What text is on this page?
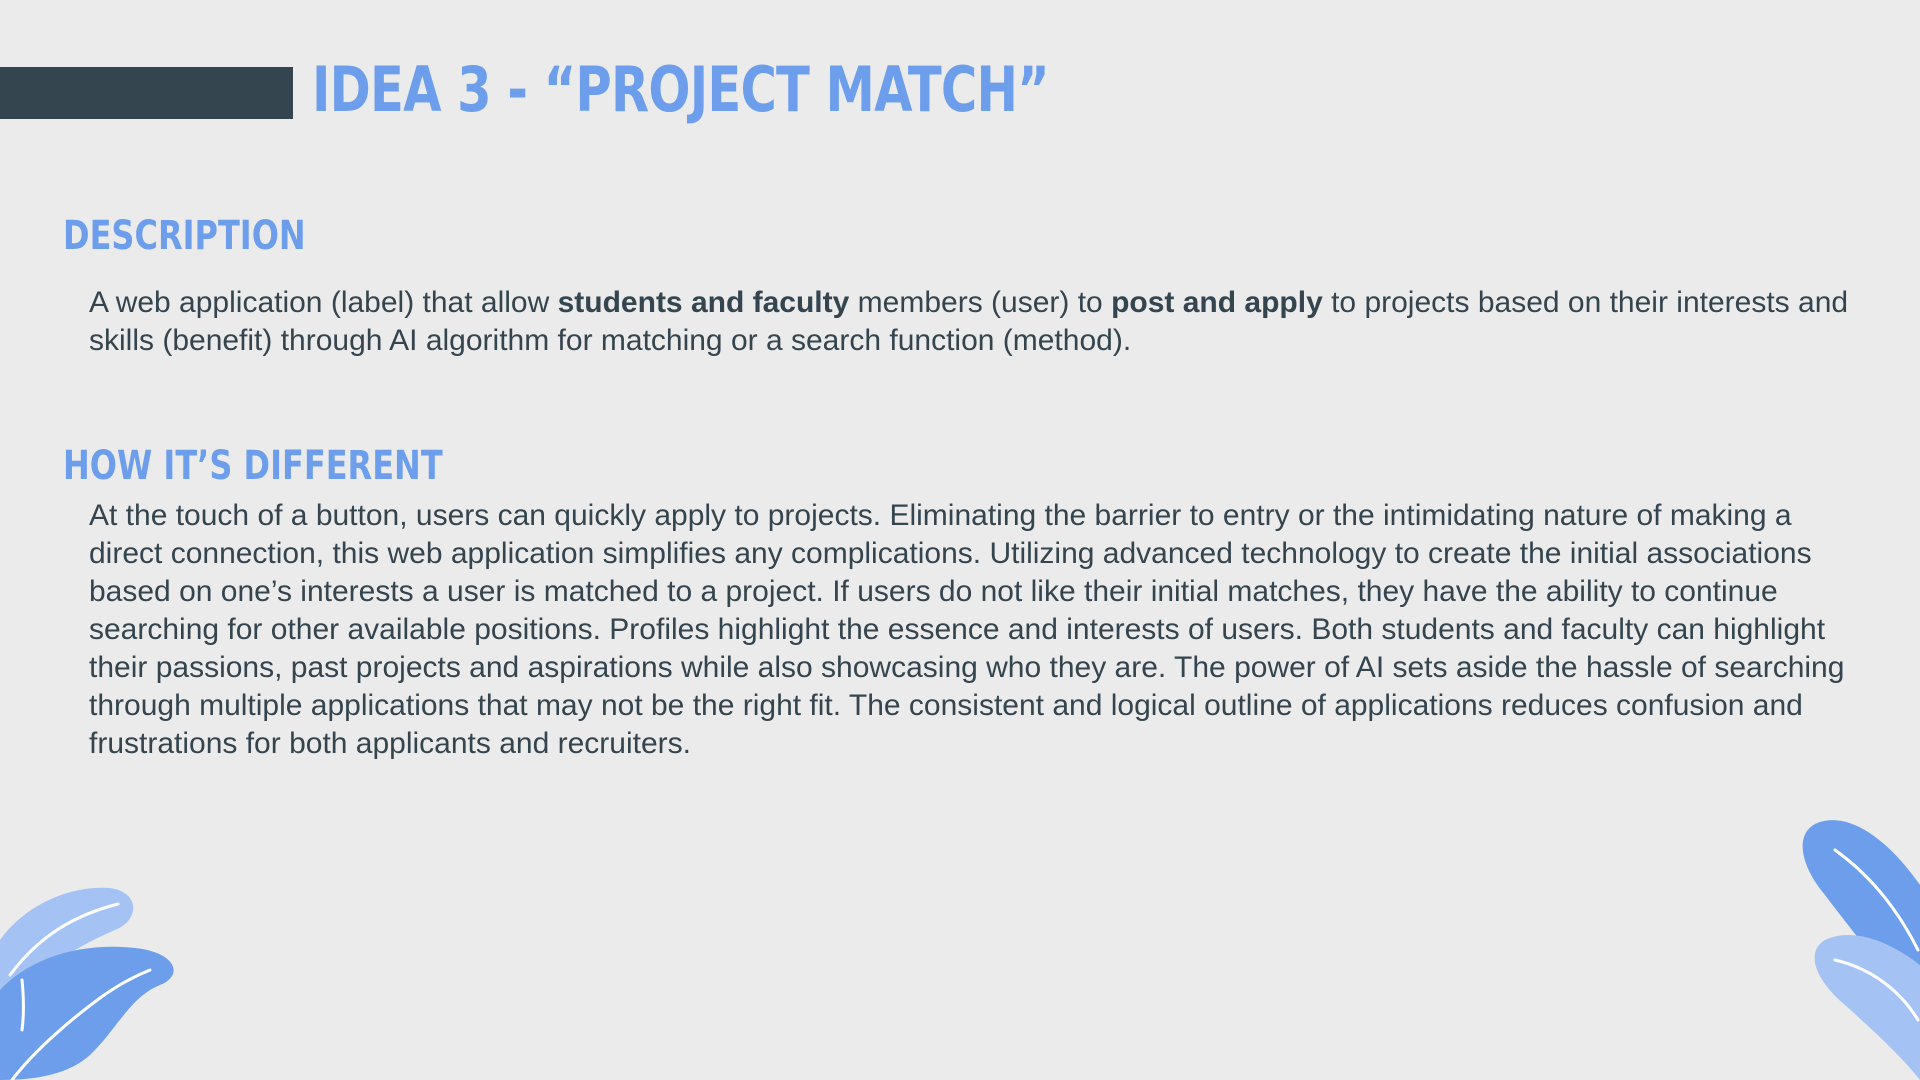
IDEA 3 - “PROJECT MATCH”
DESCRIPTION

A web application (label) that allow students and faculty members (user) to post and apply to projects based on their interests and skills (benefit) through AI algorithm for matching or a search function (method).

HOW IT’S DIFFERENT

At the touch of a button, users can quickly apply to projects. Eliminating the barrier to entry or the intimidating nature of making a direct connection, this web application simplifies any complications. Utilizing advanced technology to create the initial associations based on one’s interests a user is matched to a project. If users do not like their initial matches, they have the ability to continue searching for other available positions. Profiles highlight the essence and interests of users. Both students and faculty can highlight their passions, past projects and aspirations while also showcasing who they are. The power of AI sets aside the hassle of searching through multiple applications that may not be the right fit. The consistent and logical outline of applications reduces confusion and frustrations for both applicants and recruiters.
